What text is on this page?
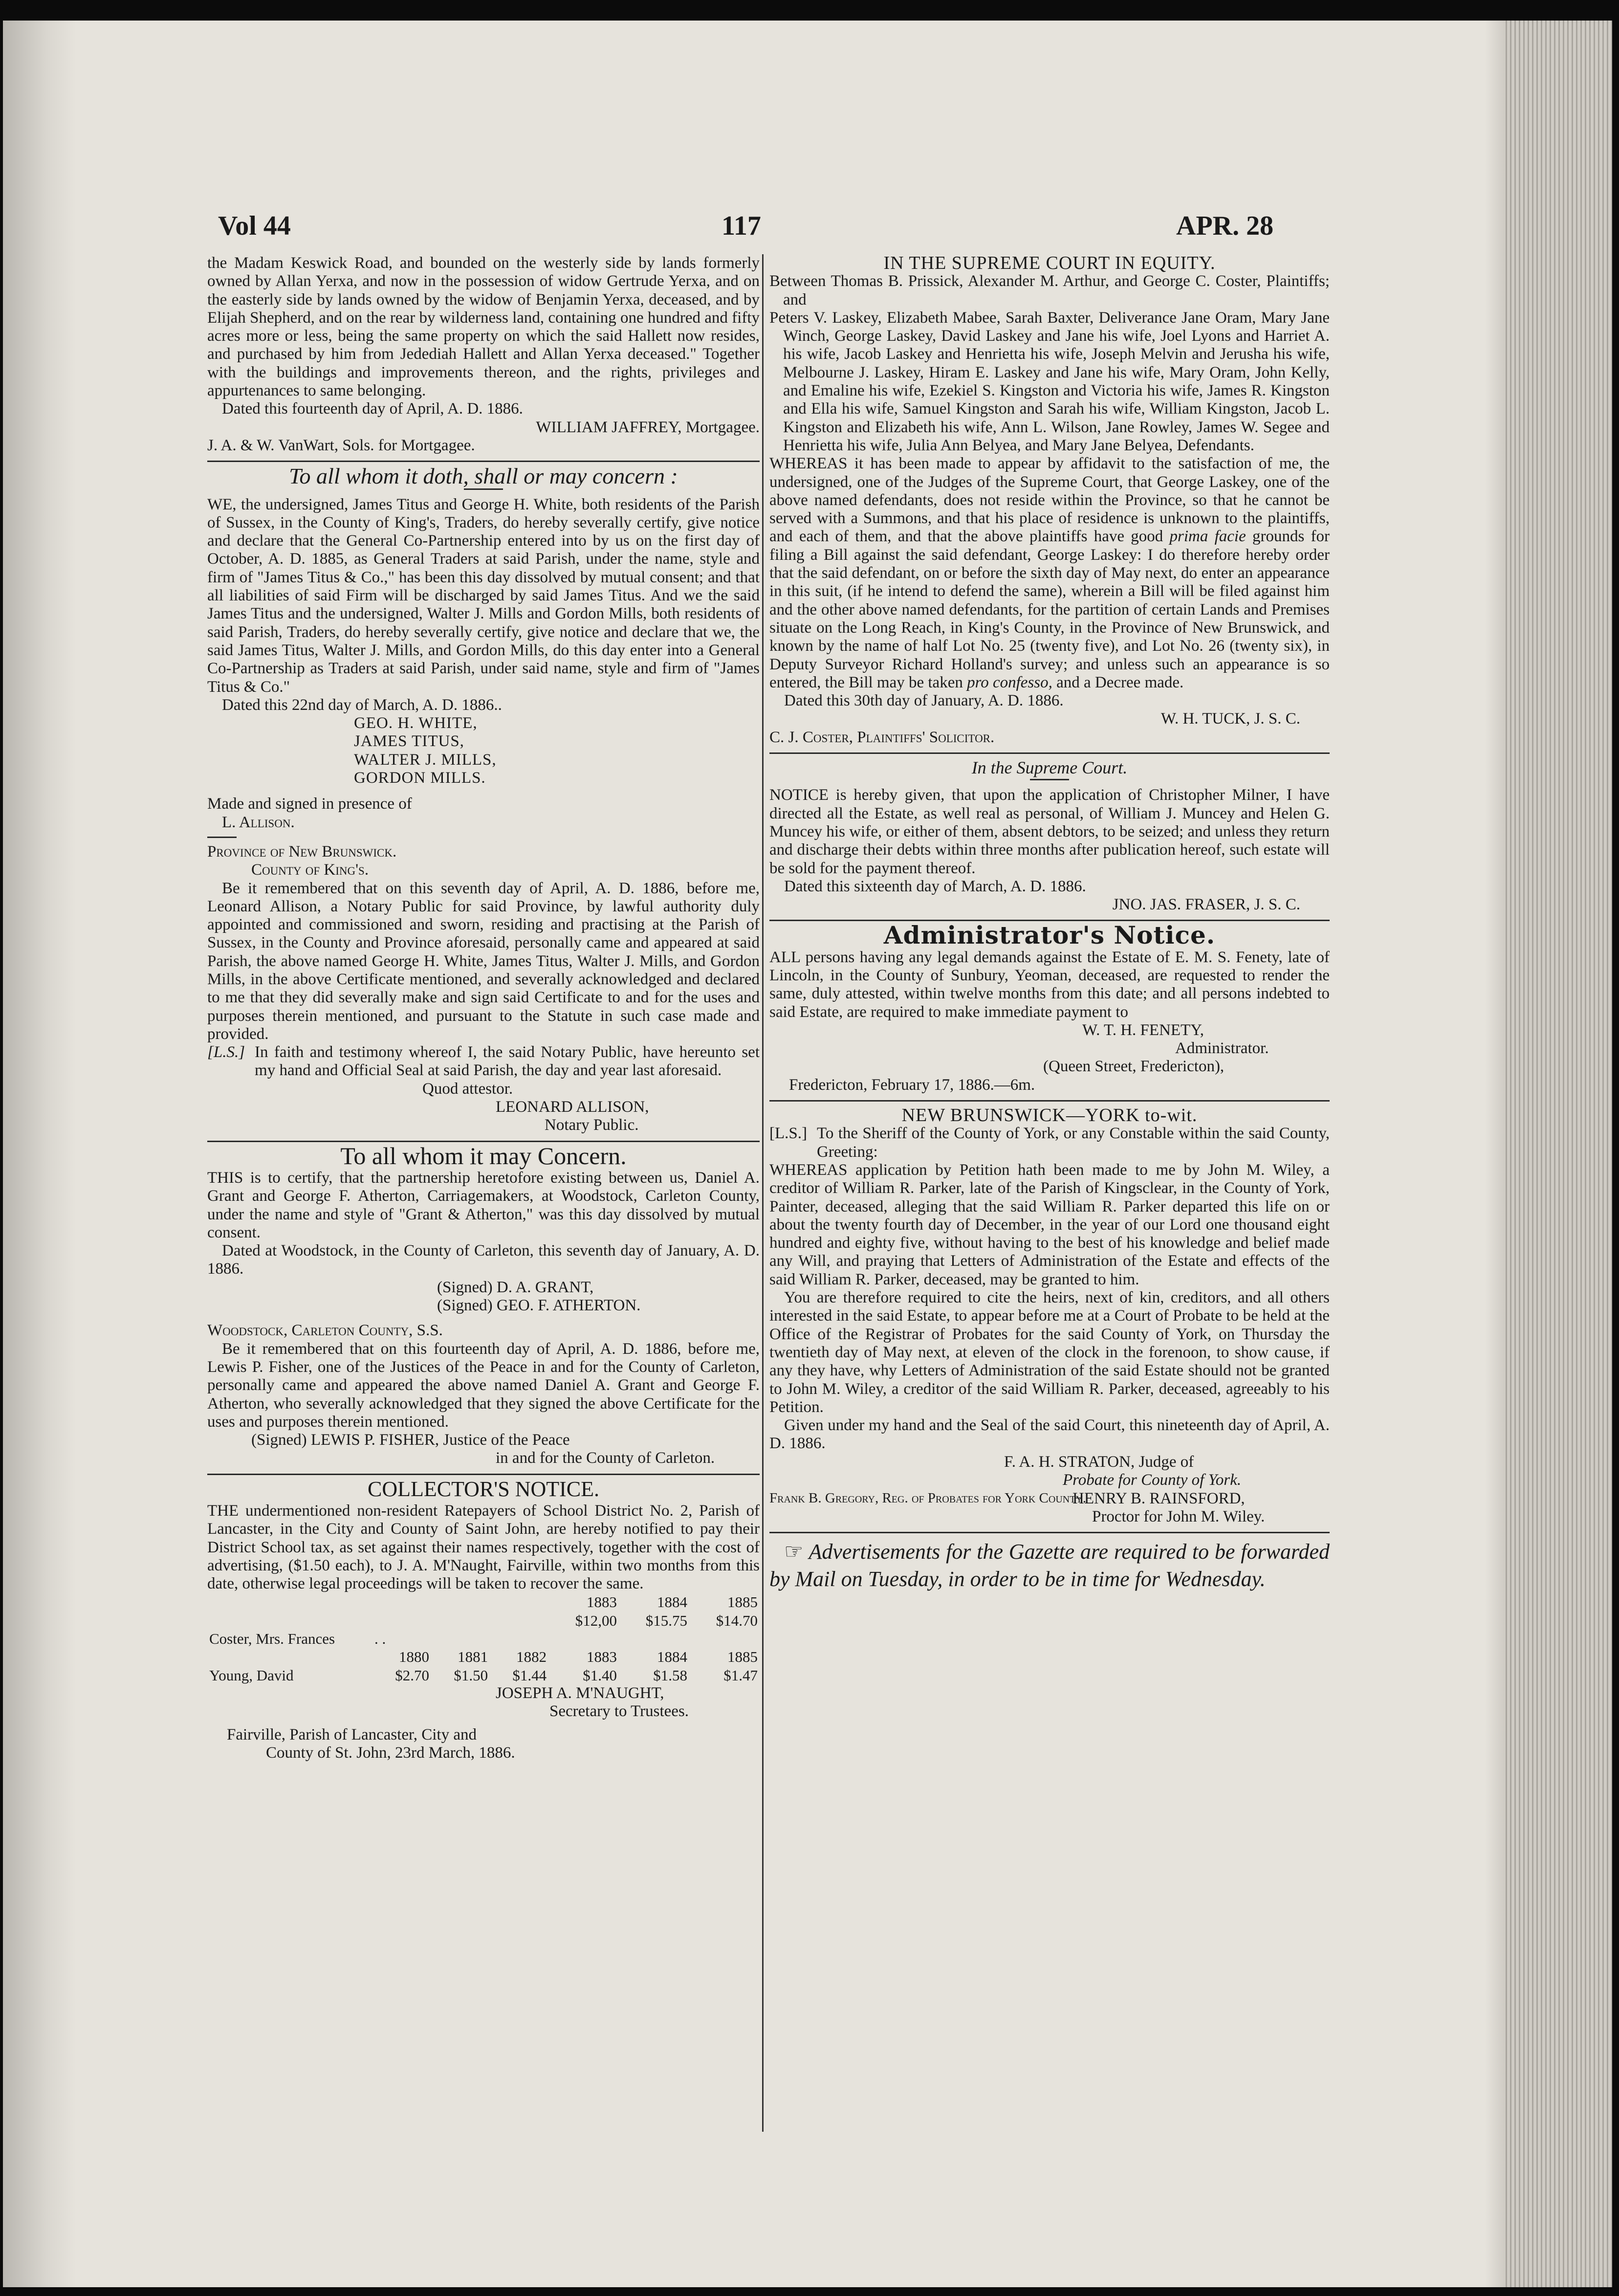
Vol 44	117	APR. 28

the Madam Keswick Road, and bounded on the westerly side by lands formerly owned by Allan Yerxa, and now in the possession of widow Gertrude Yerxa, and on the easterly side by lands owned by the widow of Benjamin Yerxa, deceased, and by Elijah Shepherd, and on the rear by wilderness land, containing one hundred and fifty acres more or less, being the same property on which the said Hallett now resides, and purchased by him from Jedediah Hallett and Allan Yerxa deceased." Together with the buildings and improvements thereon, and the rights, privileges and appurtenances to same belonging.

Dated this fourteenth day of April, A. D. 1886.

WILLIAM JAFFREY, Mortgagee.

J. A. & W. VanWart, Sols. for Mortgagee.

To all whom it doth, shall or may concern :

WE, the undersigned, James Titus and George H. White, both residents of the Parish of Sussex, in the County of King's, Traders, do hereby severally certify, give notice and declare that the General Co-Partnership entered into by us on the first day of October, A. D. 1885, as General Traders at said Parish, under the name, style and firm of "James Titus & Co.," has been this day dissolved by mutual consent; and that all liabilities of said Firm will be discharged by said James Titus. And we the said James Titus and the undersigned, Walter J. Mills and Gordon Mills, both residents of said Parish, Traders, do hereby severally certify, give notice and declare that we, the said James Titus, Walter J. Mills, and Gordon Mills, do this day enter into a General Co-Partnership as Traders at said Parish, under said name, style and firm of "James Titus & Co."

Dated this 22nd day of March, A. D. 1886..

GEO. H. WHITE,

JAMES TITUS,

WALTER J. MILLS,

GORDON MILLS.

Made and signed in presence of

L. Allison.

Province of New Brunswick.

County of King's.

Be it remembered that on this seventh day of April, A. D. 1886, before me, Leonard Allison, a Notary Public for said Province, by lawful authority duly appointed and commissioned and sworn, residing and practising at the Parish of Sussex, in the County and Province aforesaid, personally came and appeared at said Parish, the above named George H. White, James Titus, Walter J. Mills, and Gordon Mills, in the above Certificate mentioned, and severally acknowledged and declared to me that they did severally make and sign said Certificate to and for the uses and purposes therein mentioned, and pursuant to the Statute in such case made and provided.

[L.S.] In faith and testimony whereof I, the said Notary Public, have hereunto set my hand and Official Seal at said Parish, the day and year last aforesaid.

Quod attestor.

LEONARD ALLISON,

Notary Public.

To all whom it may Concern.

THIS is to certify, that the partnership heretofore existing between us, Daniel A. Grant and George F. Atherton, Carriagemakers, at Woodstock, Carleton County, under the name and style of "Grant & Atherton," was this day dissolved by mutual consent.

Dated at Woodstock, in the County of Carleton, this seventh day of January, A. D. 1886.

(Signed) D. A. GRANT,

(Signed) GEO. F. ATHERTON.

Woodstock, Carleton County, S.S.

Be it remembered that on this fourteenth day of April, A. D. 1886, before me, Lewis P. Fisher, one of the Justices of the Peace in and for the County of Carleton, personally came and appeared the above named Daniel A. Grant and George F. Atherton, who severally acknowledged that they signed the above Certificate for the uses and purposes therein mentioned.

(Signed) LEWIS P. FISHER, Justice of the Peace

in and for the County of Carleton.

COLLECTOR'S NOTICE.

THE undermentioned non-resident Ratepayers of School District No. 2, Parish of Lancaster, in the City and County of Saint John, are hereby notified to pay their District School tax, as set against their names respectively, together with the cost of advertising, ($1.50 each), to J. A. M'Naught, Fairville, within two months from this date, otherwise legal proceedings will be taken to recover the same.

				1883	1884	1885
				$12,00	$15.75	$14.70
Coster, Mrs. Frances	. .					
	1880	1881	1882	1883	1884	1885
Young, David	$2.70	$1.50	$1.44	$1.40	$1.58	$1.47

JOSEPH A. M'NAUGHT,

Secretary to Trustees.

Fairville, Parish of Lancaster, City and

County of St. John, 23rd March, 1886.

IN THE SUPREME COURT IN EQUITY.

Between Thomas B. Prissick, Alexander M. Arthur, and George C. Coster, Plaintiffs; and

Peters V. Laskey, Elizabeth Mabee, Sarah Baxter, Deliverance Jane Oram, Mary Jane Winch, George Laskey, David Laskey and Jane his wife, Joel Lyons and Harriet A. his wife, Jacob Laskey and Henrietta his wife, Joseph Melvin and Jerusha his wife, Melbourne J. Laskey, Hiram E. Laskey and Jane his wife, Mary Oram, John Kelly, and Emaline his wife, Ezekiel S. Kingston and Victoria his wife, James R. Kingston and Ella his wife, Samuel Kingston and Sarah his wife, William Kingston, Jacob L. Kingston and Elizabeth his wife, Ann L. Wilson, Jane Rowley, James W. Segee and Henrietta his wife, Julia Ann Belyea, and Mary Jane Belyea, Defendants.

WHEREAS it has been made to appear by affidavit to the satisfaction of me, the undersigned, one of the Judges of the Supreme Court, that George Laskey, one of the above named defendants, does not reside within the Province, so that he cannot be served with a Summons, and that his place of residence is unknown to the plaintiffs, and each of them, and that the above plaintiffs have good prima facie grounds for filing a Bill against the said defendant, George Laskey: I do therefore hereby order that the said defendant, on or before the sixth day of May next, do enter an appearance in this suit, (if he intend to defend the same), wherein a Bill will be filed against him and the other above named defendants, for the partition of certain Lands and Premises situate on the Long Reach, in King's County, in the Province of New Brunswick, and known by the name of half Lot No. 25 (twenty five), and Lot No. 26 (twenty six), in Deputy Surveyor Richard Holland's survey; and unless such an appearance is so entered, the Bill may be taken pro confesso, and a Decree made.

Dated this 30th day of January, A. D. 1886.

W. H. TUCK, J. S. C.

C. J. Coster, Plaintiffs' Solicitor.

In the Supreme Court.

NOTICE is hereby given, that upon the application of Christopher Milner, I have directed all the Estate, as well real as personal, of William J. Muncey and Helen G. Muncey his wife, or either of them, absent debtors, to be seized; and unless they return and discharge their debts within three months after publication hereof, such estate will be sold for the payment thereof.

Dated this sixteenth day of March, A. D. 1886.

JNO. JAS. FRASER, J. S. C.

Administrator's Notice.

ALL persons having any legal demands against the Estate of E. M. S. Fenety, late of Lincoln, in the County of Sunbury, Yeoman, deceased, are requested to render the same, duly attested, within twelve months from this date; and all persons indebted to said Estate, are required to make immediate payment to

W. T. H. FENETY,

Administrator.

(Queen Street, Fredericton),

Fredericton, February 17, 1886.—6m.

NEW BRUNSWICK—YORK to-wit.
[L.S.] To the Sheriff of the County of York, or any Constable within the said County, Greeting:

WHEREAS application by Petition hath been made to me by John M. Wiley, a creditor of William R. Parker, late of the Parish of Kingsclear, in the County of York, Painter, deceased, alleging that the said William R. Parker departed this life on or about the twenty fourth day of December, in the year of our Lord one thousand eight hundred and eighty five, without having to the best of his knowledge and belief made any Will, and praying that Letters of Administration of the Estate and effects of the said William R. Parker, deceased, may be granted to him.

You are therefore required to cite the heirs, next of kin, creditors, and all others interested in the said Estate, to appear before me at a Court of Probate to be held at the Office of the Registrar of Probates for the said County of York, on Thursday the twentieth day of May next, at eleven of the clock in the forenoon, to show cause, if any they have, why Letters of Administration of the said Estate should not be granted to John M. Wiley, a creditor of the said William R. Parker, deceased, agreeably to his Petition.

Given under my hand and the Seal of the said Court, this nineteenth day of April, A. D. 1886.

F. A. H. STRATON, Judge of

Probate for County of York.

Frank B. Gregory, Reg. of Probates for York County.

HENRY B. RAINSFORD,

Proctor for John M. Wiley.

☞ Advertisements for the Gazette are required to be forwarded by Mail on Tuesday, in order to be in time for Wednesday.
